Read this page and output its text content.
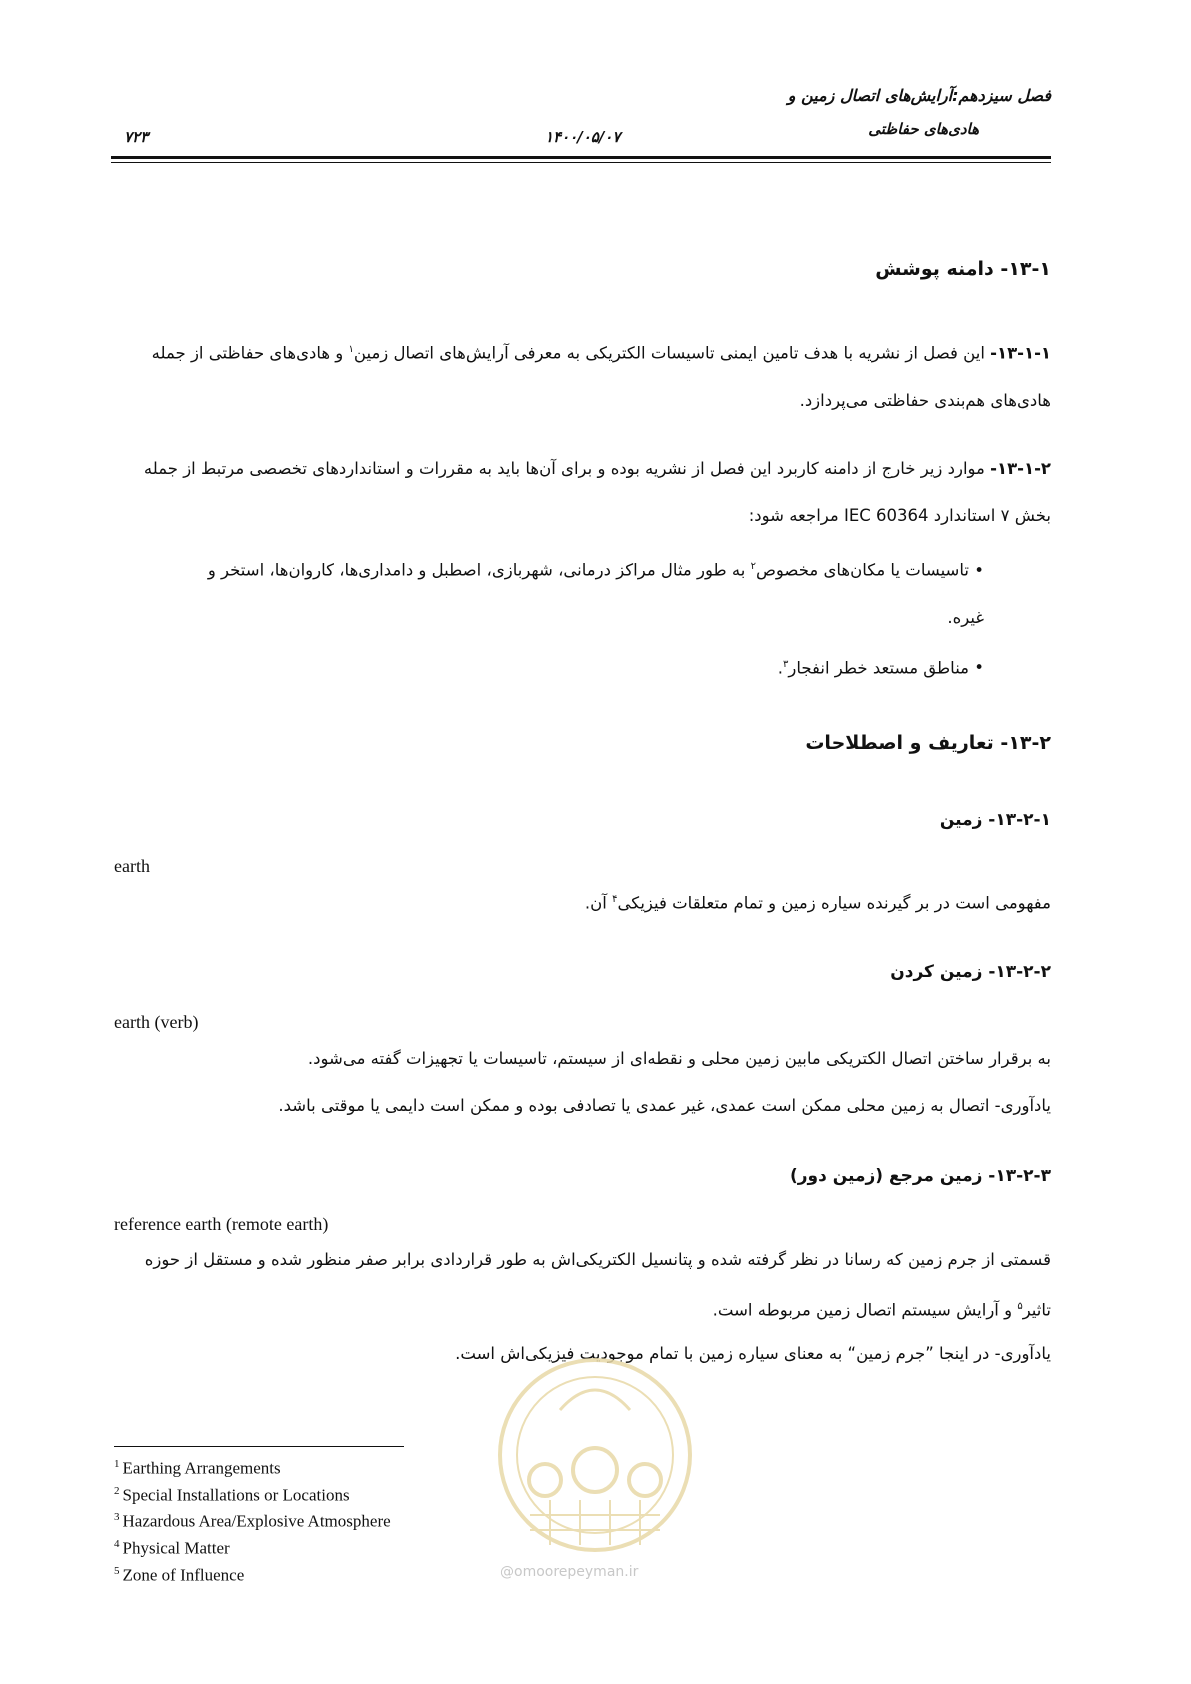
فصل سیزدهم:آرایش‌های اتصال زمین و
هادی‌های حفاظتی
۱۴۰۰/۰۵/۰۷
۷۲۳
۱۳-۱- دامنه پوشش
۱۳-۱-۱- این فصل از نشریه با هدف تامین ایمنی تاسیسات الکتریکی به معرفی آرایش‌های اتصال زمین$^۱$ و هادی‌های حفاظتی از جمله هادی‌های هم‌بندی حفاظتی می‌پردازد.
۱۳-۱-۲- موارد زیر خارج از دامنه کاربرد این فصل از نشریه بوده و برای آن‌ها باید به مقررات و استانداردهای تخصصی مرتبط از جمله بخش ۷ استاندارد IEC 60364 مراجعه شود:
• تاسیسات یا مکان‌های مخصوص$^۲$ به طور مثال مراکز درمانی، شهربازی، اصطبل و دامداری‌ها، کاروان‌ها، استخر و غیره.
• مناطق مستعد خطر انفجار$^۳$.
۱۳-۲- تعاریف و اصطلاحات
۱۳-۲-۱- زمین
earth
مفهومی است در بر گیرنده سیاره زمین و تمام متعلقات فیزیکی$^۴$ آن.
۱۳-۲-۲- زمین کردن
earth (verb)
به برقرار ساختن اتصال الکتریکی مابین زمین محلی و نقطه‌ای از سیستم، تاسیسات یا تجهیزات گفته می‌شود.
یادآوری- اتصال به زمین محلی ممکن است عمدی، غیر عمدی یا تصادفی بوده و ممکن است دایمی یا موقتی باشد.
۱۳-۲-۳- زمین مرجع (زمین دور)
reference earth (remote earth)
قسمتی از جرم زمین که رسانا در نظر گرفته شده و پتانسیل الکتریکی‌اش به طور قراردادی برابر صفر منظور شده و مستقل از حوزه تاثیر$^۵$ و آرایش سیستم اتصال زمین مربوطه است.
یادآوری- در اینجا ”جرم زمین“ به معنای سیاره زمین با تمام موجودیت فیزیکی‌اش است.
@omoorepeyman.ir
$^1$ Earthing Arrangements
$^2$ Special Installations or Locations
$^3$ Hazardous Area/Explosive Atmosphere
$^4$ Physical Matter
$^5$ Zone of Influence
